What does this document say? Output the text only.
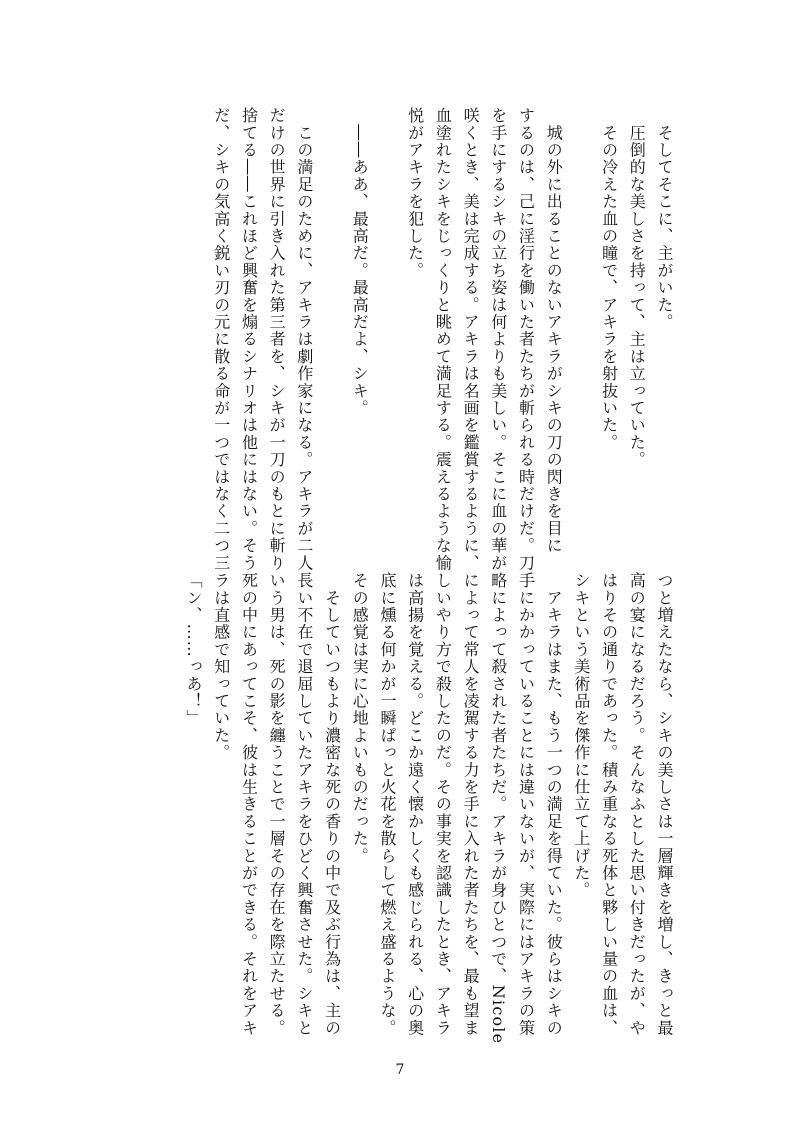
　そしてそこに、主がいた。
　圧倒的な美しさを持って、主は立っていた。
　その冷えた血の瞳で、アキラを射抜いた。

　城の外に出ることのないアキラがシキの刀の閃きを目に
するのは、己に淫行を働いた者たちが斬られる時だけだ。刀
を手にするシキの立ち姿は何よりも美しい。そこに血の華が
咲くとき、美は完成する。アキラは名画を鑑賞するように、
血塗れたシキをじっくりと眺めて満足する。震えるような愉
悦がアキラを犯した。

　――ああ、最高だ。最高だよ、シキ。

　この満足のために、アキラは劇作家になる。アキラが二人
だけの世界に引き入れた第三者を、シキが一刀のもとに斬り
捨てる――これほど興奮を煽るシナリオは他にはない。そう
だ、シキの気高く鋭い刃の元に散る命が一つではなく二つ三
つと増えたなら、シキの美しさは一層輝きを増し、きっと最
高の宴になるだろう。そんなふとした思い付きだったが、や
はりその通りであった。積み重なる死体と夥しい量の血は、
シキという美術品を傑作に仕立て上げた。
　アキラはまた、もう一つの満足を得ていた。彼らはシキの
手にかかっていることには違いないが、実際にはアキラの策
略によって殺された者たちだ。アキラが身ひとつで、Nicole
によって常人を凌駕する力を手に入れた者たちを、最も望ま
しいやり方で殺したのだ。その事実を認識したとき、アキラ
は高揚を覚える。どこか遠く懐かしくも感じられる、心の奥
底に燻る何かが一瞬ぱっと火花を散らして燃え盛るような。
その感覚は実に心地よいものだった。
　そしていつもより濃密な死の香りの中で及ぶ行為は、主の
長い不在で退屈していたアキラをひどく興奮させた。シキと
いう男は、死の影を纏うことで一層その存在を際立たせる。
死の中にあってこそ、彼は生きることができる。それをアキ
ラは直感で知っていた。
「ン、……っあ！」
7
